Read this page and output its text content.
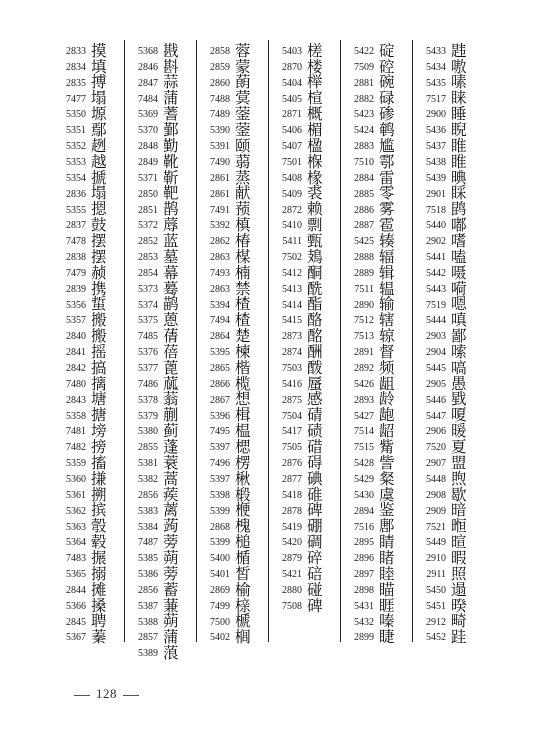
2833 摸
2834 填
2835 搏
7477 塌
5350 塬
5351 鄢
5352 趔
5353 越
5354 搋
2836 塌
5355 摁
2837 鼓
7478 摆
2838 摆
7479 赪
2839 携
5356 蜇
5357 搬
2840 搬
2841 摇
2842 搞
7480 摛
2843 塘
5358 搪
7481 塝
7482 搒
5359 搐
5360 搛
5361 搠
5362 摈
5363 彀
5364 毂
7483 搌
5365 搦
2844 摊
5366 搡
2845 聘
5367 蓁
5368 戡
2846 斟
2847 蒜
7484 蒲
5369 蓍
5370 鄞
2848 勤
2849 靴
5371 靳
2850 靶
2851 鹊
5372 蓐
2852 蓝
2853 墓
2854 幕
5373 蓦
5374 鹋
5375 蒽
7485 蒨
5376 蓓
5377 蓖
7486 蓏
5378 蓊
5379 蒯
5380 蓟
2855 蓬
5381 蓑
5382 蒿
2856 蒺
5383 蓠
5384 蒟
7487 蒡
5385 蒴
5386 蒡
2856 蓄
5387 蒹
5388 蒴
2857 蒲
5389 蒗
2858 蓉
2859 蒙
2860 蓢
7488 蓂
7489 蓥
5390 蓥
5391 颐
7490 蒻
2861 蒸
2861 献
7491 蓣
5392 槙
2862 椿
2863 楳
7493 楠
2863 禁
5394 楂
7494 楂
2864 楚
5395 楝
2865 楷
2866 榄
2867 想
5396 楫
7495 榅
5397 楒
7496 楞
5397 楸
5398 椴
5399 楩
2868 槐
5399 槌
5400 楯
5401 皙
2869 榆
7499 榇
7500 榹
5402 榈
5403 槎
2870 楼
5404 榉
5405 楦
2871 概
5406 楣
5407 楹
7501 椺
5408 椽
5409 裘
2872 赖
5410 剽
5411 甄
7502 鳷
5412 酮
5413 酰
5414 酯
5415 酪
2873 酩
2874 酬
7503 酦
5416 蜃
2875 感
7504 碃
5417 碛
7505 碏
2876 碍
2877 碘
5418 碓
2878 碑
5419 硼
5420 碉
2879 碎
5421 碚
2880 碰
7508 碑
5422 碇
7509 硿
2881 碗
2882 碌
5423 碜
5424 鹌
2883 尴
7510 鄠
2884 雷
2885 零
2886 雾
2887 雹
5425 辏
2888 辐
2889 辑
7511 辒
2890 输
7512 辖
7513 辌
2891 督
2892 频
5426 龃
2893 龄
5427 龅
7514 龆
7515 觜
5428 訾
5429 粲
5430 虞
2894 鉴
7516 鄌
2895 睛
2896 睹
2897 睦
2898 瞄
5431 睚
5432 嗪
2899 睫
5433 韪
5434 嗷
5435 嗉
7517 睐
2900 睡
5436 睨
5437 睢
5438 睢
5439 晪
2901 睬
7518 鹍
5440 嘟
2902 嗜
5441 嗑
5442 嗫
5443 嗬
7519 嗯
5444 嗔
2903 鄙
2904 嗦
5445 嗃
2905 愚
5446 戥
5447 嗄
2906 暖
7520 夏
2907 盟
5448 煦
2908 歇
2909 暗
7521 暅
5449 暄
2910 暇
2911 照
5450 遢
5451 暌
2912 畸
5452 跬
128
